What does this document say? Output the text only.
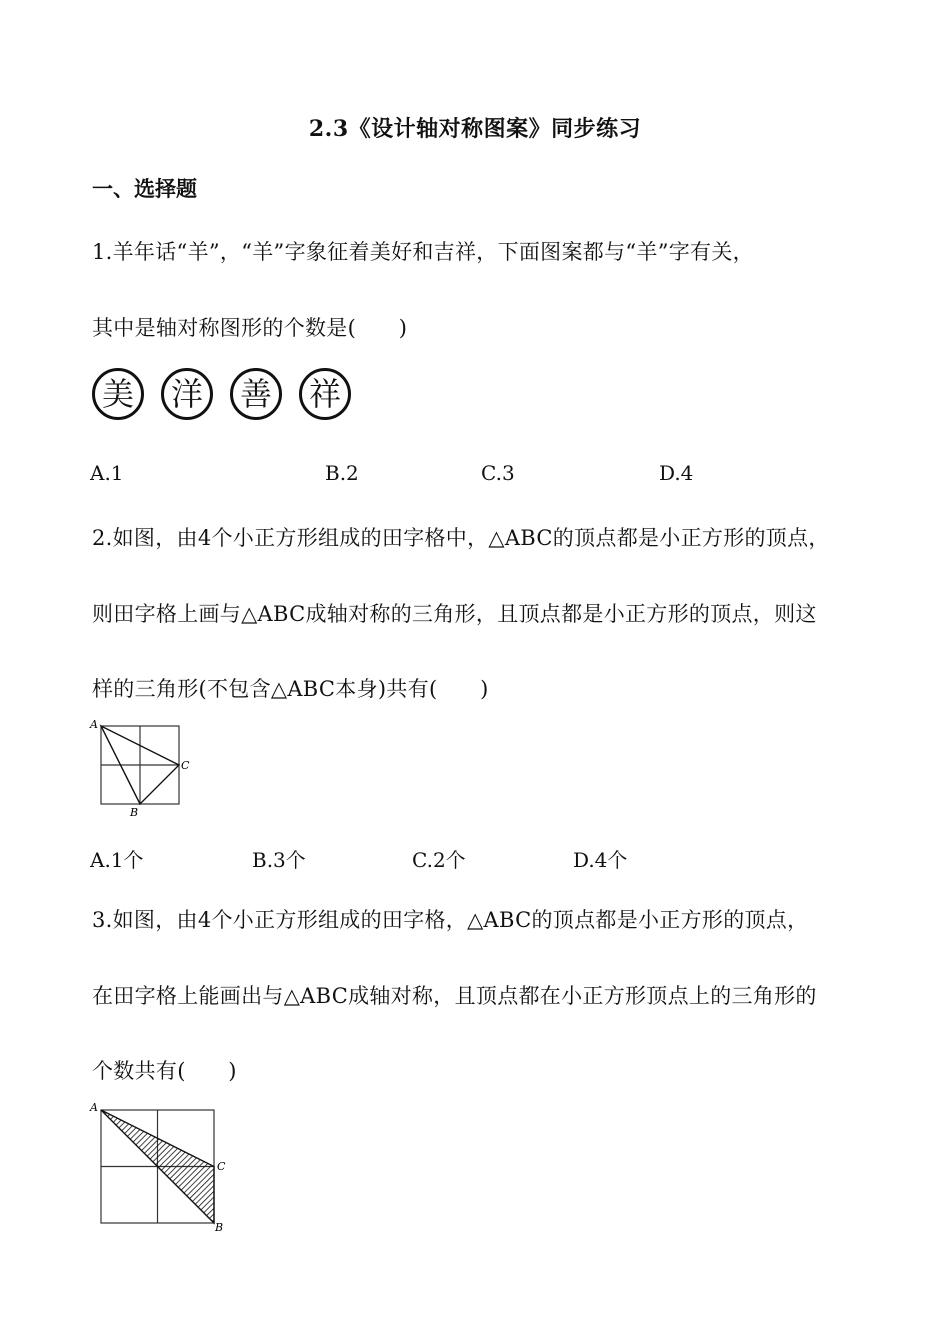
2.3《设计轴对称图案》同步练习
一、选择题
1.羊年话“羊”，“羊”字象征着美好和吉祥，下面图案都与“羊”字有关，
其中是轴对称图形的个数是(　　)
美	洋	善	祥
A.1	B.2	C.3	D.4
2.如图，由4个小正方形组成的田字格中，△ABC的顶点都是小正方形的顶点，
则田字格上画与△ABC成轴对称的三角形，且顶点都是小正方形的顶点，则这
样的三角形(不包含△ABC本身)共有(　　)
A
C
B
A.1个	B.3个	C.2个	D.4个
3.如图，由4个小正方形组成的田字格，△ABC的顶点都是小正方形的顶点，
在田字格上能画出与△ABC成轴对称，且顶点都在小正方形顶点上的三角形的
个数共有(　　)
A
C
B
